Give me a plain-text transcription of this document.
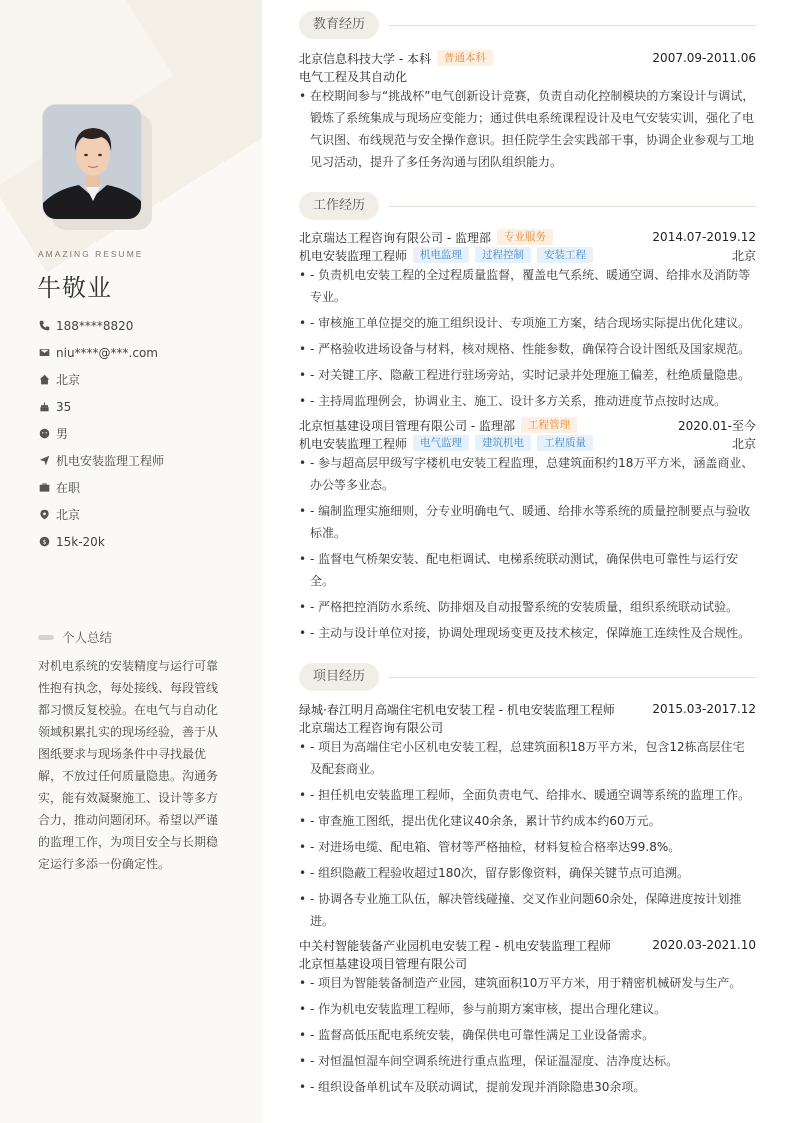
AMAZING RESUME
牛敬业
188****8820
niu****@***.com
北京
35
男
机电安装监理工程师
在职
北京
$ 15k-20k
个人总结
对机电系统的安装精度与运行可靠性抱有执念，每处接线、每段管线都习惯反复校验。在电气与自动化领域积累扎实的现场经验，善于从图纸要求与现场条件中寻找最优解，不放过任何质量隐患。沟通务实，能有效凝聚施工、设计等多方合力，推动问题闭环。希望以严谨的监理工作，为项目安全与长期稳定运行多添一份确定性。
教育经历
北京信息科技大学 - 本科	普通本科	2007.09-2011.06
电气工程及其自动化
• 在校期间参与“挑战杯”电气创新设计竞赛，负责自动化控制模块的方案设计与调试，锻炼了系统集成与现场应变能力；通过供电系统课程设计及电气安装实训，强化了电气识图、布线规范与安全操作意识。担任院学生会实践部干事，协调企业参观与工地见习活动，提升了多任务沟通与团队组织能力。
工作经历
北京瑞达工程咨询有限公司 - 监理部	专业服务	2014.07-2019.12
机电安装监理工程师	机电监理	过程控制	安装工程	北京
• - 负责机电安装工程的全过程质量监督，覆盖电气系统、暖通空调、给排水及消防等专业。
• - 审核施工单位提交的施工组织设计、专项施工方案，结合现场实际提出优化建议。
• - 严格验收进场设备与材料，核对规格、性能参数，确保符合设计图纸及国家规范。
• - 对关键工序、隐蔽工程进行驻场旁站，实时记录并处理施工偏差，杜绝质量隐患。
• - 主持周监理例会，协调业主、施工、设计多方关系，推动进度节点按时达成。
北京恒基建设项目管理有限公司 - 监理部	工程管理	2020.01-至今
机电安装监理工程师	电气监理	建筑机电	工程质量	北京
• - 参与超高层甲级写字楼机电安装工程监理，总建筑面积约18万平方米，涵盖商业、办公等多业态。
• - 编制监理实施细则，分专业明确电气、暖通、给排水等系统的质量控制要点与验收标准。
• - 监督电气桥架安装、配电柜调试、电梯系统联动测试，确保供电可靠性与运行安全。
• - 严格把控消防水系统、防排烟及自动报警系统的安装质量，组织系统联动试验。
• - 主动与设计单位对接，协调处理现场变更及技术核定，保障施工连续性及合规性。
项目经历
绿城·春江明月高端住宅机电安装工程 - 机电安装监理工程师	2015.03-2017.12
北京瑞达工程咨询有限公司
• - 项目为高端住宅小区机电安装工程，总建筑面积18万平方米，包含12栋高层住宅及配套商业。
• - 担任机电安装监理工程师，全面负责电气、给排水、暖通空调等系统的监理工作。
• - 审查施工图纸，提出优化建议40余条，累计节约成本约60万元。
• - 对进场电缆、配电箱、管材等严格抽检，材料复检合格率达99.8%。
• - 组织隐蔽工程验收超过180次，留存影像资料，确保关键节点可追溯。
• - 协调各专业施工队伍，解决管线碰撞、交叉作业问题60余处，保障进度按计划推进。
中关村智能装备产业园机电安装工程 - 机电安装监理工程师	2020.03-2021.10
北京恒基建设项目管理有限公司
• - 项目为智能装备制造产业园，建筑面积10万平方米，用于精密机械研发与生产。
• - 作为机电安装监理工程师，参与前期方案审核，提出合理化建议。
• - 监督高低压配电系统安装，确保供电可靠性满足工业设备需求。
• - 对恒温恒湿车间空调系统进行重点监理，保证温湿度、洁净度达标。
• - 组织设备单机试车及联动调试，提前发现并消除隐患30余项。
